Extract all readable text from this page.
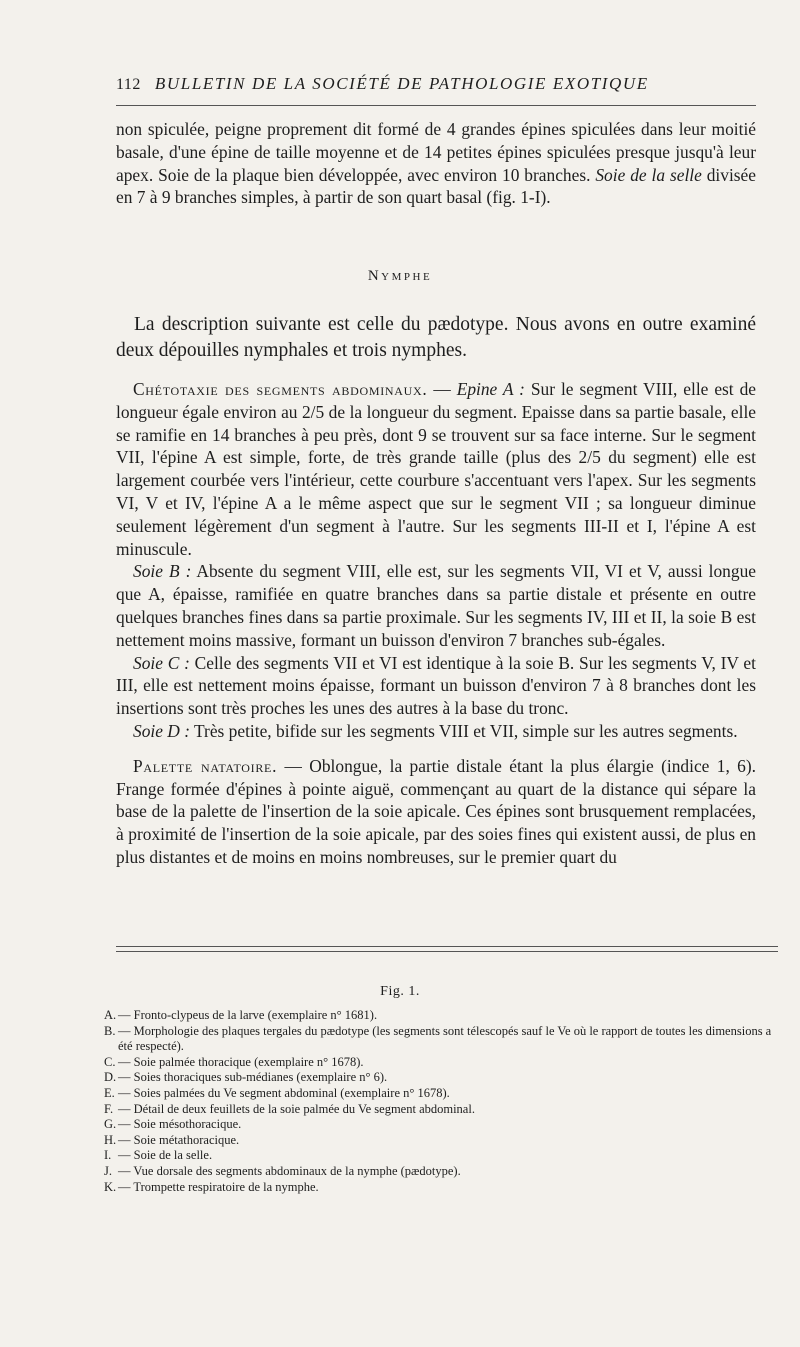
112 BULLETIN DE LA SOCIÉTÉ DE PATHOLOGIE EXOTIQUE

non spiculée, peigne proprement dit formé de 4 grandes épines spiculées dans leur moitié basale, d'une épine de taille moyenne et de 14 petites épines spiculées presque jusqu'à leur apex. Soie de la plaque bien développée, avec environ 10 branches. Soie de la selle divisée en 7 à 9 branches simples, à partir de son quart basal (fig. 1-I).

Nymphe

La description suivante est celle du pædotype. Nous avons en outre examiné deux dépouilles nymphales et trois nymphes.

Chétotaxie des segments abdominaux. — Epine A : Sur le segment VIII, elle est de longueur égale environ au 2/5 de la longueur du segment. Epaisse dans sa partie basale, elle se ramifie en 14 branches à peu près, dont 9 se trouvent sur sa face interne. Sur le segment VII, l'épine A est simple, forte, de très grande taille (plus des 2/5 du segment) elle est largement courbée vers l'intérieur, cette courbure s'accentuant vers l'apex. Sur les segments VI, V et IV, l'épine A a le même aspect que sur le segment VII ; sa longueur diminue seulement légèrement d'un segment à l'autre. Sur les segments III-II et I, l'épine A est minuscule.

Soie B : Absente du segment VIII, elle est, sur les segments VII, VI et V, aussi longue que A, épaisse, ramifiée en quatre branches dans sa partie distale et présente en outre quelques branches fines dans sa partie proximale. Sur les segments IV, III et II, la soie B est nettement moins massive, formant un buisson d'environ 7 branches sub-égales.

Soie C : Celle des segments VII et VI est identique à la soie B. Sur les segments V, IV et III, elle est nettement moins épaisse, formant un buisson d'environ 7 à 8 branches dont les insertions sont très proches les unes des autres à la base du tronc.

Soie D : Très petite, bifide sur les segments VIII et VII, simple sur les autres segments.

Palette natatoire. — Oblongue, la partie distale étant la plus élargie (indice 1, 6). Frange formée d'épines à pointe aiguë, commençant au quart de la distance qui sépare la base de la palette de l'insertion de la soie apicale. Ces épines sont brusquement remplacées, à proximité de l'insertion de la soie apicale, par des soies fines qui existent aussi, de plus en plus distantes et de moins en moins nombreuses, sur le premier quart du

Fig. 1.
A. — Fronto-clypeus de la larve (exemplaire n° 1681).
B. — Morphologie des plaques tergales du pædotype (les segments sont télescopés sauf le Ve où le rapport de toutes les dimensions a été respecté).
C. — Soie palmée thoracique (exemplaire n° 1678).
D. — Soies thoraciques sub-médianes (exemplaire n° 6).
E. — Soies palmées du Ve segment abdominal (exemplaire n° 1678).
F. — Détail de deux feuillets de la soie palmée du Ve segment abdominal.
G. — Soie mésothoracique.
H. — Soie métathoracique.
I. — Soie de la selle.
J. — Vue dorsale des segments abdominaux de la nymphe (pædotype).
K. — Trompette respiratoire de la nymphe.
